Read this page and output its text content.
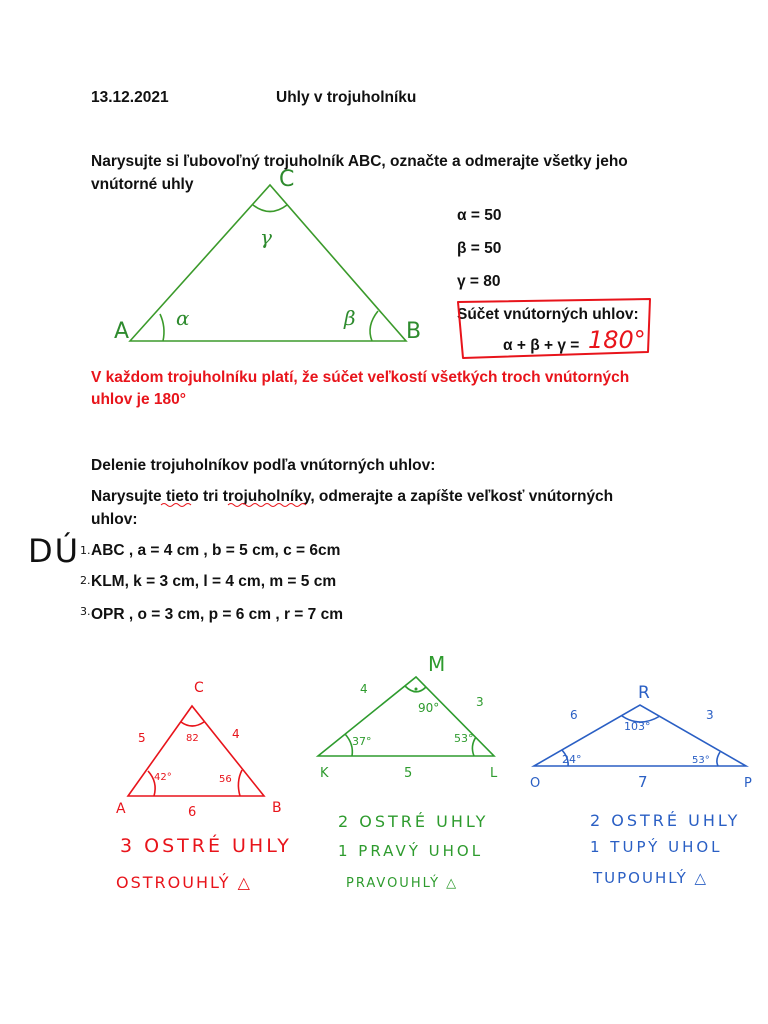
13.12.2021	Uhly v trojuholníku
Narysujte si ľubovoľný trojuholník ABC, označte a odmerajte všetky jeho
vnútorné uhly
α = 50
β = 50
γ = 80
Súčet vnútorných uhlov:
α + β + γ = 180°
V každom trojuholníku platí, že súčet veľkostí všetkých troch vnútorných
uhlov je 180°
Delenie trojuholníkov podľa vnútorných uhlov:
Narysujte tieto tri trojuholníky, odmerajte a zapíšte veľkosť vnútorných
uhlov:
DÚ 1. ABC , a = 4 cm , b = 5 cm, c = 6cm
2. KLM, k = 3 cm, l = 4 cm, m = 5 cm
3. OPR , o = 3 cm, p = 6 cm , r = 7 cm
A	B
C
α	β
γ
A	B
C
5	4
6
82
42°	56	K	L
M
4
3
5
90°
37°	53°
O	P
R
6	3
7
103°
24°	53°
3 OSTRÉ UHLY
OSTROUHLÝ △
2 OSTRÉ UHLY
1 PRAVÝ UHOL
PRAVOUHLÝ △
2 OSTRÉ UHLY
1 TUPÝ UHOL
TUPOUHLÝ △
